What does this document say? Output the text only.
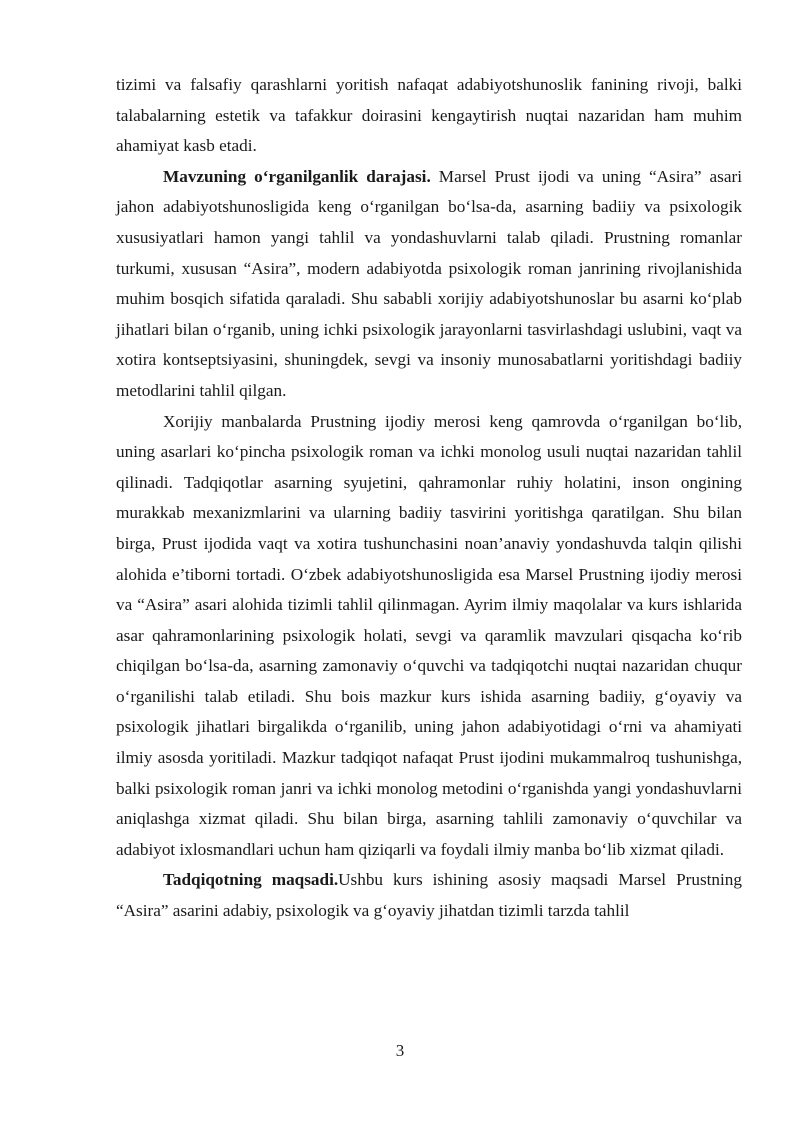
tizimi va falsafiy qarashlarni yoritish nafaqat adabiyotshunoslik fanining rivoji, balki talabalarning estetik va tafakkur doirasini kengaytirish nuqtai nazaridan ham muhim ahamiyat kasb etadi.

Mavzuning o‘rganilganlik darajasi. Marsel Prust ijodi va uning “Asira” asari jahon adabiyotshunosligida keng o‘rganilgan bo‘lsa-da, asarning badiiy va psixologik xususiyatlari hamon yangi tahlil va yondashuvlarni talab qiladi. Prustning romanlar turkumi, xususan “Asira”, modern adabiyotda psixologik roman janrining rivojlanishida muhim bosqich sifatida qaraladi. Shu sababli xorijiy adabiyotshunoslar bu asarni ko‘plab jihatlari bilan o‘rganib, uning ichki psixologik jarayonlarni tasvirlashdagi uslubini, vaqt va xotira kontseptsiyasini, shuningdek, sevgi va insoniy munosabatlarni yoritishdagi badiiy metodlarini tahlil qilgan.

Xorijiy manbalarda Prustning ijodiy merosi keng qamrovda o‘rganilgan bo‘lib, uning asarlari ko‘pincha psixologik roman va ichki monolog usuli nuqtai nazaridan tahlil qilinadi. Tadqiqotlar asarning syujetini, qahramonlar ruhiy holatini, inson ongining murakkab mexanizmlarini va ularning badiiy tasvirini yoritishga qaratilgan. Shu bilan birga, Prust ijodida vaqt va xotira tushunchasini noan’anaviy yondashuvda talqin qilishi alohida e’tiborni tortadi. O‘zbek adabiyotshunosligida esa Marsel Prustning ijodiy merosi va “Asira” asari alohida tizimli tahlil qilinmagan. Ayrim ilmiy maqolalar va kurs ishlarida asar qahramonlarining psixologik holati, sevgi va qaramlik mavzulari qisqacha ko‘rib chiqilgan bo‘lsa-da, asarning zamonaviy o‘quvchi va tadqiqotchi nuqtai nazaridan chuqur o‘rganilishi talab etiladi. Shu bois mazkur kurs ishida asarning badiiy, g‘oyaviy va psixologik jihatlari birgalikda o‘rganilib, uning jahon adabiyotidagi o‘rni va ahamiyati ilmiy asosda yoritiladi. Mazkur tadqiqot nafaqat Prust ijodini mukammalroq tushunishga, balki psixologik roman janri va ichki monolog metodini o‘rganishda yangi yondashuvlarni aniqlashga xizmat qiladi. Shu bilan birga, asarning tahlili zamonaviy o‘quvchilar va adabiyot ixlosmandlari uchun ham qiziqarli va foydali ilmiy manba bo‘lib xizmat qiladi.

Tadqiqotning maqsadi.Ushbu kurs ishining asosiy maqsadi Marsel Prustning “Asira” asarini adabiy, psixologik va g‘oyaviy jihatdan tizimli tarzda tahlil

3
